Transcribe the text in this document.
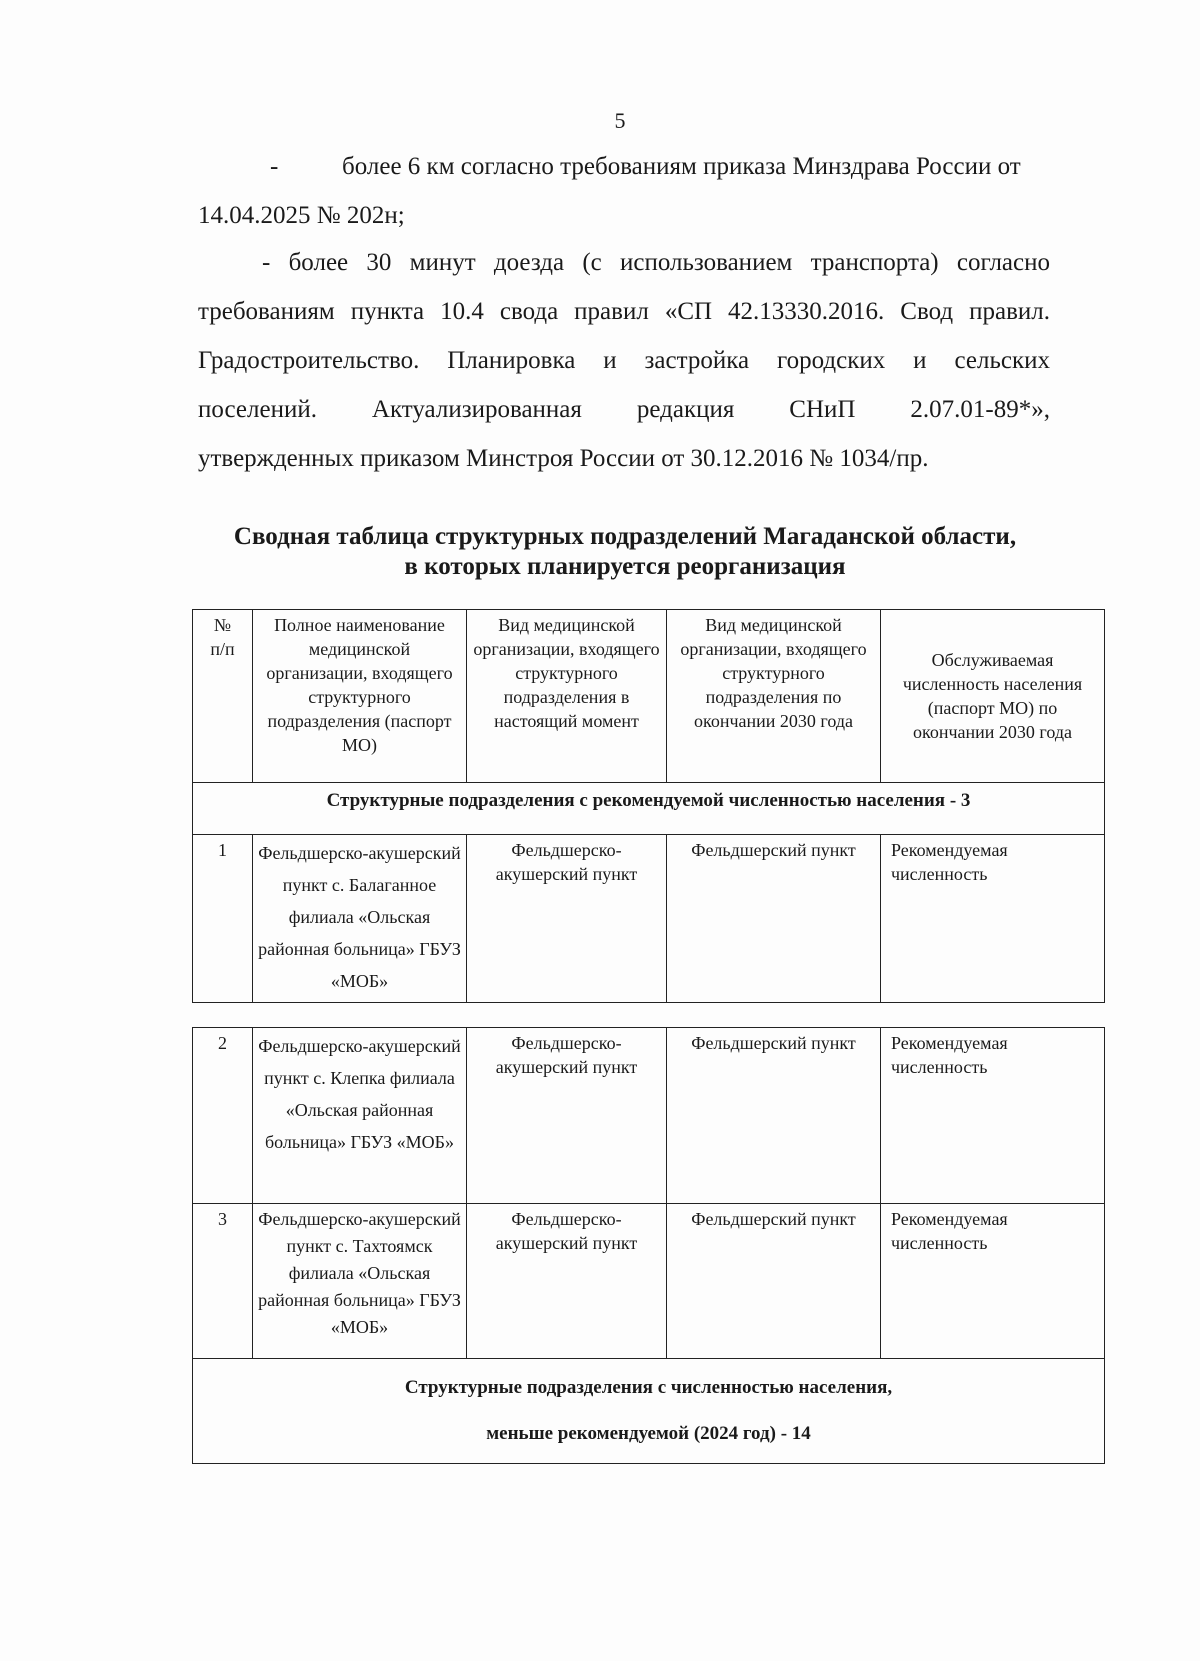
5
-	более 6 км согласно требованиям приказа Минздрава России от
14.04.2025 № 202н;
- более 30 минут доезда (с использованием транспорта) согласно
требованиям пункта 10.4 свода правил «СП 42.13330.2016. Свод правил.
Градостроительство. Планировка и застройка городских и сельских
поселений. Актуализированная редакция СНиП 2.07.01-89*»,
утвержденных приказом Минстроя России от 30.12.2016 № 1034/пр.
Сводная таблица структурных подразделений Магаданской области,
в которых планируется реорганизация
№
п/п	Полное наименование медицинской организации, входящего структурного подразделения (паспорт МО)	Вид медицинской организации, входящего структурного подразделения в настоящий момент	Вид медицинской организации, входящего структурного подразделения по окончании 2030 года	Обслуживаемая численность населения (паспорт МО) по окончании 2030 года
Структурные подразделения с рекомендуемой численностью населения - 3				
1	Фельдшерско-акушерский пункт с. Балаганное филиала «Ольская районная больница» ГБУЗ «МОБ»	Фельдшерско-акушерский пункт	Фельдшерский пункт	Рекомендуемая численность
2	Фельдшерско-акушерский пункт с. Клепка филиала «Ольская районная больница» ГБУЗ «МОБ»	Фельдшерско-акушерский пункт	Фельдшерский пункт	Рекомендуемая численность
3	Фельдшерско-акушерский пункт с. Тахтоямск филиала «Ольская районная больница» ГБУЗ «МОБ»	Фельдшерско-акушерский пункт	Фельдшерский пункт	Рекомендуемая численность

Структурные подразделения с численностью населения,
меньше рекомендуемой (2024 год) - 14				
